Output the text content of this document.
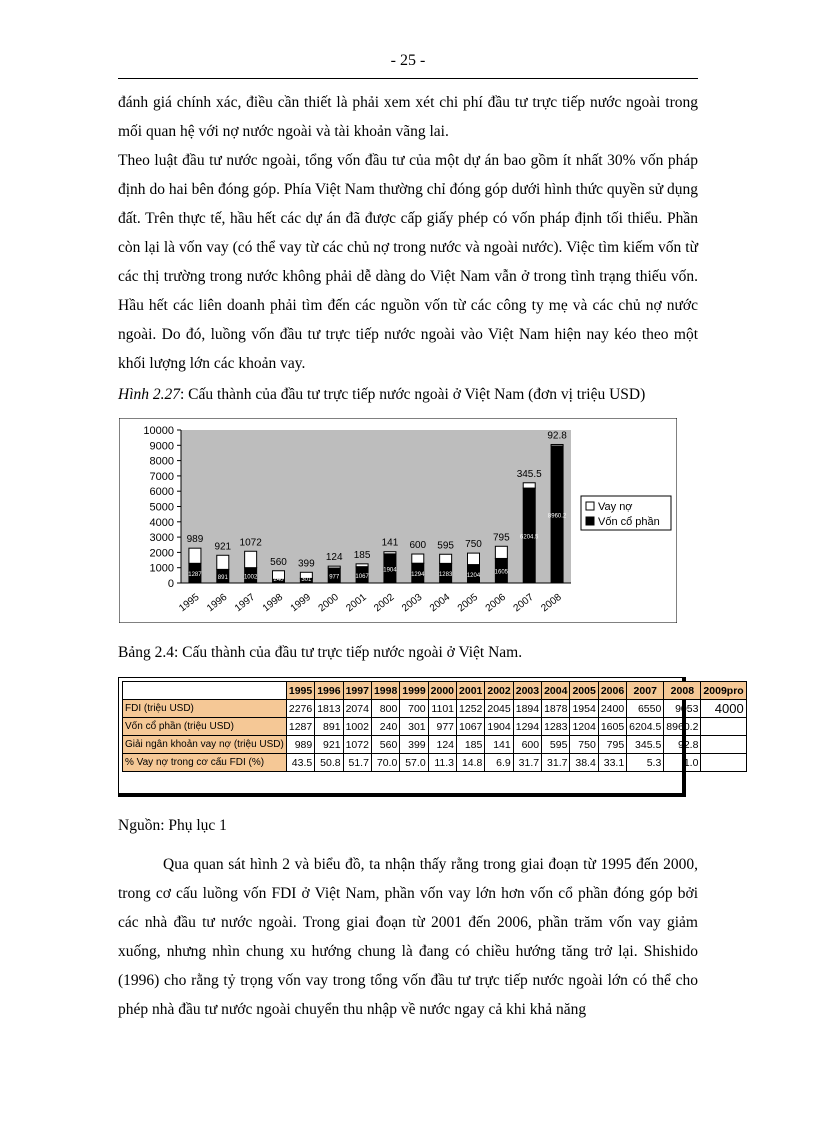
- 25 -

đánh giá chính xác, điều cần thiết là phải xem xét chi phí đầu tư trực tiếp nước ngoài trong mối quan hệ với nợ nước ngoài và tài khoản vãng lai.

Theo luật đầu tư nước ngoài, tổng vốn đầu tư của một dự án bao gồm ít nhất 30% vốn pháp định do hai bên đóng góp. Phía Việt Nam thường chỉ đóng góp dưới hình thức quyền sử dụng đất. Trên thực tế, hầu hết các dự án đã được cấp giấy phép có vốn pháp định tối thiểu. Phần còn lại là vốn vay (có thể vay từ các chủ nợ trong nước và ngoài nước). Việc tìm kiếm vốn từ các thị trường trong nước không phải dễ dàng do Việt Nam vẫn ở trong tình trạng thiếu vốn. Hầu hết các liên doanh phải tìm đến các nguồn vốn từ các công ty mẹ và các chủ nợ nước ngoài. Do đó, luồng vốn đầu tư trực tiếp nước ngoài vào Việt Nam hiện nay kéo theo một khối lượng lớn các khoản vay.

Hình 2.27: Cấu thành của đầu tư trực tiếp nước ngoài ở Việt Nam (đơn vị triệu USD)
0
1000
2000
3000
4000
5000
6000
7000
8000
9000
10000
1287
989
1995
891
921
1996
1002
1072
1997
240
560
1998
301
399
1999
977
124
2000
1067
185
2001
1904
141
2002
1294
600
2003
1283
595
2004
1204
750
2005
1605
795
2006
6204.5
345.5
2007
8960.2
92.8
2008
Vay nợ
Vốn cổ phần
Bảng 2.4: Cấu thành của đầu tư trực tiếp nước ngoài ở Việt Nam.
	1995	1996	1997	1998	1999	2000	2001	2002	2003	2004	2005	2006	2007	2008	2009pro
FDI (triệu USD)	2276	1813	2074	800	700	1101	1252	2045	1894	1878	1954	2400	6550	9053	4000
Vốn cổ phần (triệu USD)	1287	891	1002	240	301	977	1067	1904	1294	1283	1204	1605	6204.5	8960.2	
Giải ngân khoản vay nợ (triệu USD)	989	921	1072	560	399	124	185	141	600	595	750	795	345.5	92.8	
% Vay nợ trong cơ cấu FDI (%)	43.5	50.8	51.7	70.0	57.0	11.3	14.8	6.9	31.7	31.7	38.4	33.1	5.3	1.0	
Nguồn: Phụ lục 1

Qua quan sát hình 2 và biểu đồ, ta nhận thấy rằng trong giai đoạn từ 1995 đến 2000, trong cơ cấu luồng vốn FDI ở Việt Nam, phần vốn vay lớn hơn vốn cổ phần đóng góp bởi các nhà đầu tư nước ngoài. Trong giai đoạn từ 2001 đến 2006, phần trăm vốn vay giảm xuống, nhưng nhìn chung xu hướng chung là đang có chiều hướng tăng trở lại. Shishido (1996) cho rằng tỷ trọng vốn vay trong tổng vốn đầu tư trực tiếp nước ngoài lớn có thể cho phép nhà đầu tư nước ngoài chuyển thu nhập về nước ngay cả khi khả năng
